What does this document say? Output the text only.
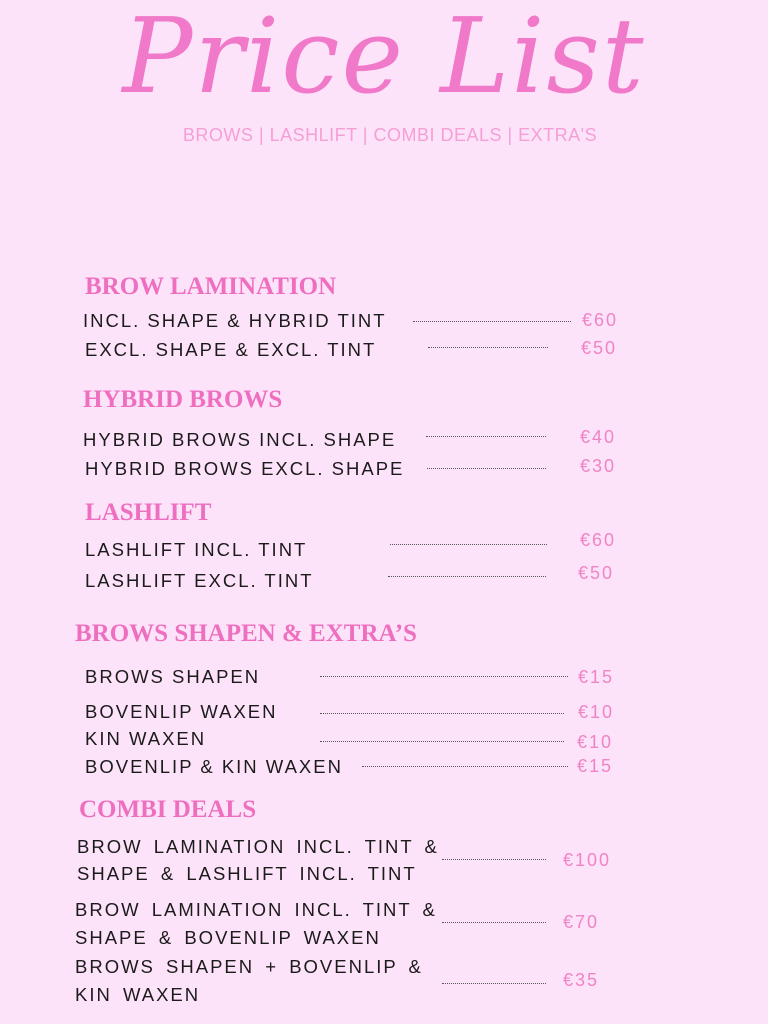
Price List
BROWS | LASHLIFT | COMBI DEALS | EXTRA'S
BROW LAMINATION
INCL. SHAPE & HYBRID TINT	€60
EXCL. SHAPE & EXCL. TINT	€50
HYBRID BROWS
HYBRID BROWS INCL. SHAPE	€40
HYBRID BROWS EXCL. SHAPE	€30
LASHLIFT
LASHLIFT INCL. TINT	€60
LASHLIFT EXCL. TINT	€50
BROWS SHAPEN & EXTRA’S
BROWS SHAPEN	€15
BOVENLIP WAXEN	€10
KIN WAXEN	€10
BOVENLIP & KIN WAXEN	€15
COMBI DEALS
BROW LAMINATION INCL. TINT &
SHAPE & LASHLIFT INCL. TINT
€100
BROW LAMINATION INCL. TINT &
SHAPE & BOVENLIP WAXEN
€70
BROWS SHAPEN + BOVENLIP &
KIN WAXEN
€35
